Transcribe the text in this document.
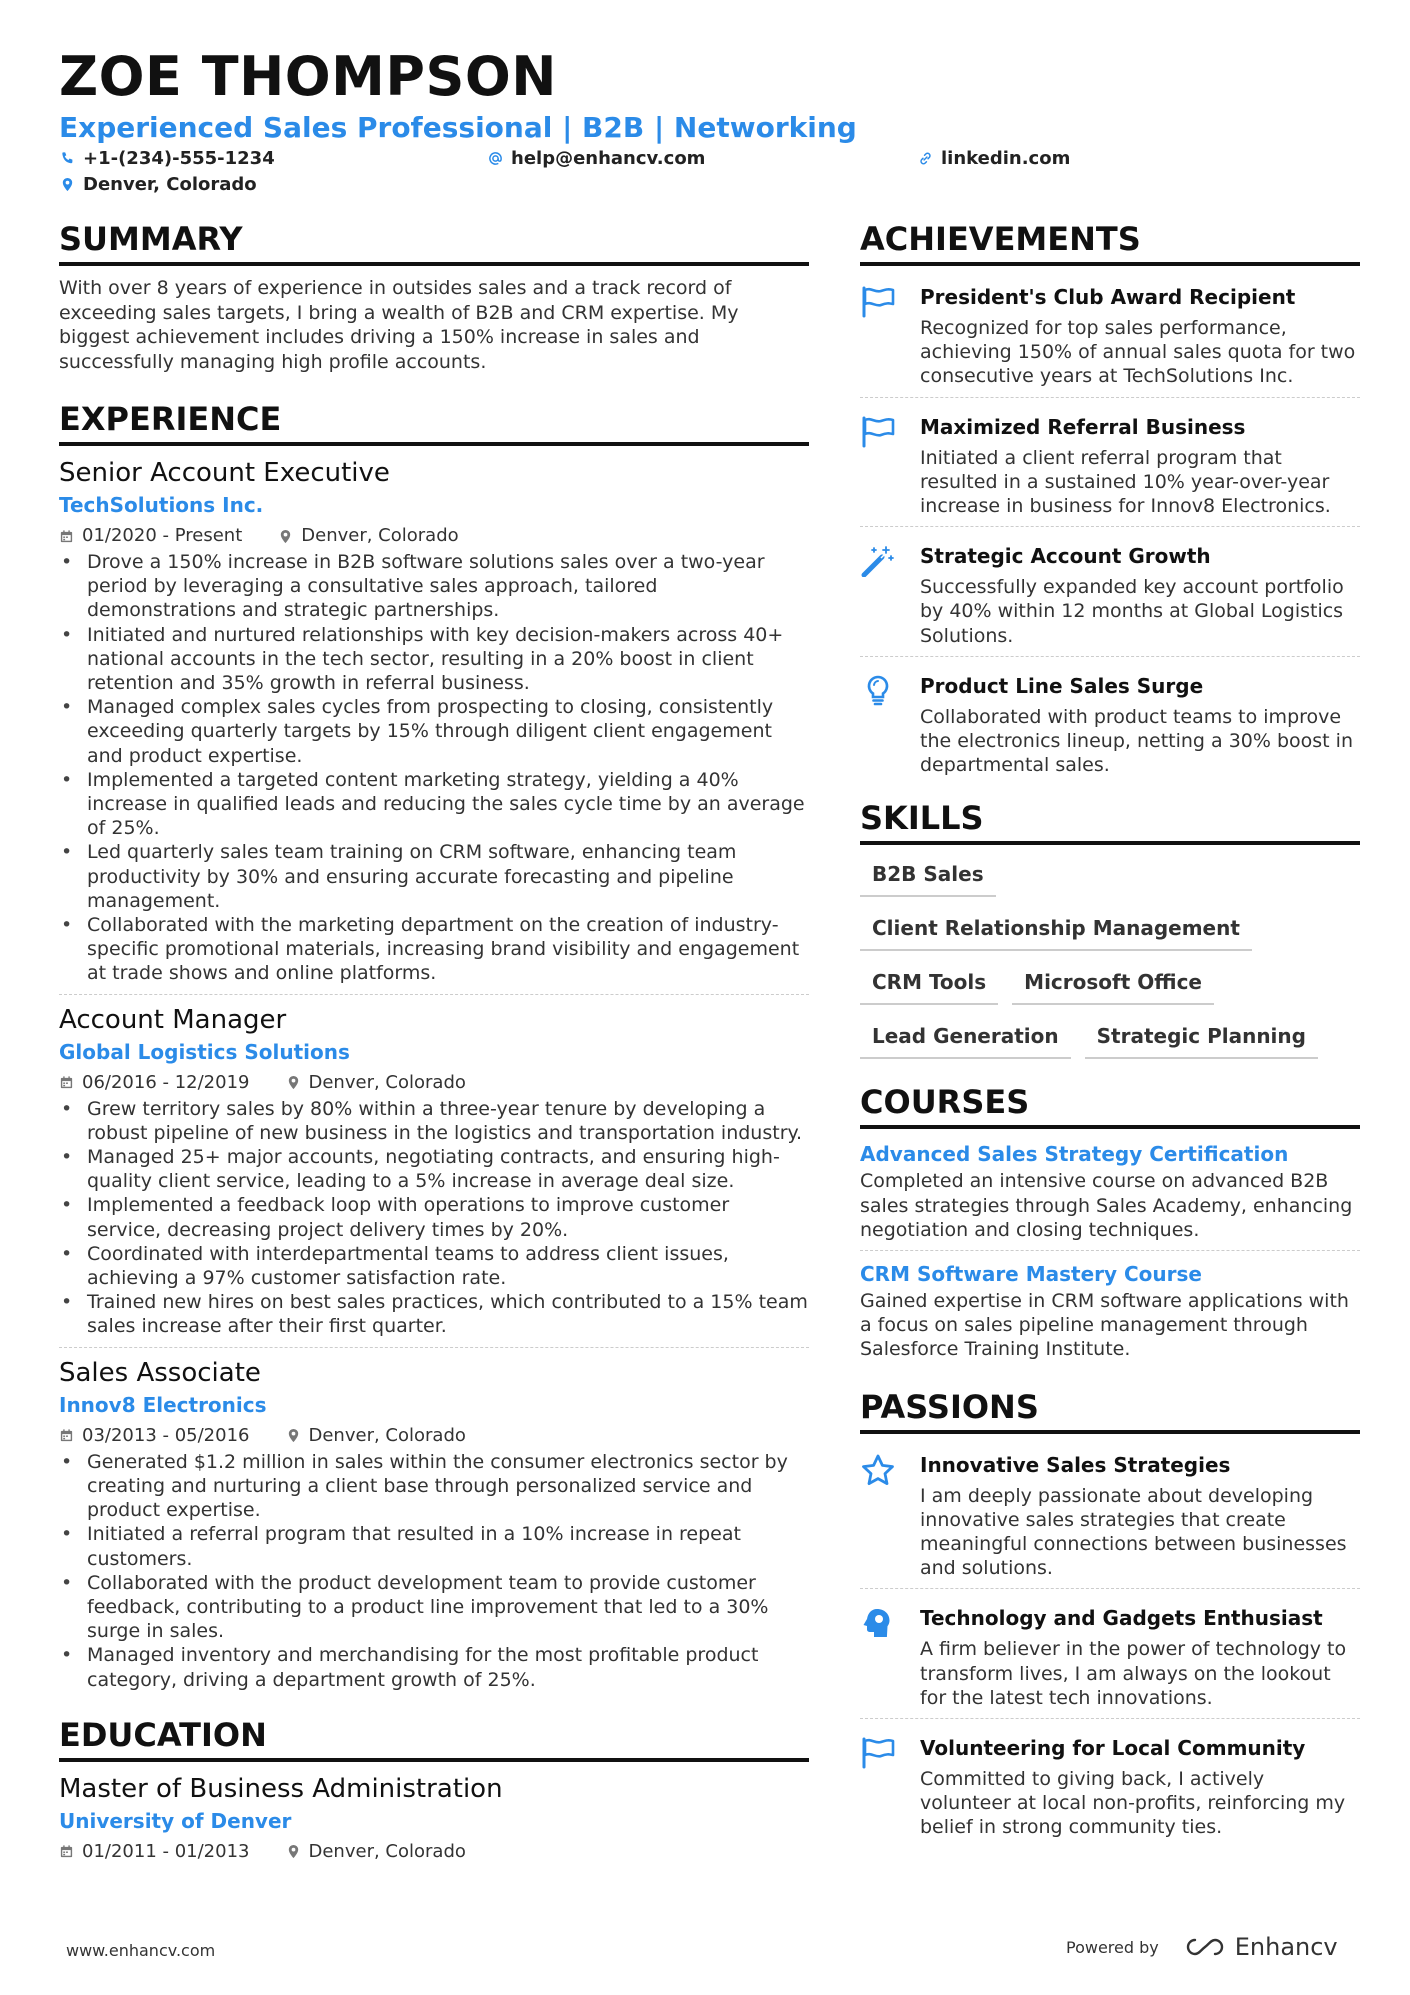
ZOE THOMPSON
Experienced Sales Professional | B2B | Networking
+1-(234)-555-1234	help@enhancv.com	linkedin.com
Denver, Colorado
SUMMARY
With over 8 years of experience in outsides sales and a track record of exceeding sales targets, I bring a wealth of B2B and CRM expertise. My biggest achievement includes driving a 150% increase in sales and successfully managing high profile accounts.
EXPERIENCE
Senior Account Executive
TechSolutions Inc.
01/2020 - Present	Denver, Colorado
• Drove a 150% increase in B2B software solutions sales over a two-year period by leveraging a consultative sales approach, tailored demonstrations and strategic partnerships.
• Initiated and nurtured relationships with key decision-makers across 40+ national accounts in the tech sector, resulting in a 20% boost in client retention and 35% growth in referral business.
• Managed complex sales cycles from prospecting to closing, consistently exceeding quarterly targets by 15% through diligent client engagement and product expertise.
• Implemented a targeted content marketing strategy, yielding a 40% increase in qualified leads and reducing the sales cycle time by an average of 25%.
• Led quarterly sales team training on CRM software, enhancing team productivity by 30% and ensuring accurate forecasting and pipeline management.
• Collaborated with the marketing department on the creation of industry-specific promotional materials, increasing brand visibility and engagement at trade shows and online platforms.
Account Manager
Global Logistics Solutions
06/2016 - 12/2019	Denver, Colorado
• Grew territory sales by 80% within a three-year tenure by developing a robust pipeline of new business in the logistics and transportation industry.
• Managed 25+ major accounts, negotiating contracts, and ensuring high-quality client service, leading to a 5% increase in average deal size.
• Implemented a feedback loop with operations to improve customer service, decreasing project delivery times by 20%.
• Coordinated with interdepartmental teams to address client issues, achieving a 97% customer satisfaction rate.
• Trained new hires on best sales practices, which contributed to a 15% team sales increase after their first quarter.
Sales Associate
Innov8 Electronics
03/2013 - 05/2016	Denver, Colorado
• Generated $1.2 million in sales within the consumer electronics sector by creating and nurturing a client base through personalized service and product expertise.
• Initiated a referral program that resulted in a 10% increase in repeat customers.
• Collaborated with the product development team to provide customer feedback, contributing to a product line improvement that led to a 30% surge in sales.
• Managed inventory and merchandising for the most profitable product category, driving a department growth of 25%.
EDUCATION
Master of Business Administration
University of Denver
01/2011 - 01/2013	Denver, Colorado
ACHIEVEMENTS
President's Club Award Recipient
Recognized for top sales performance, achieving 150% of annual sales quota for two consecutive years at TechSolutions Inc.
Maximized Referral Business
Initiated a client referral program that resulted in a sustained 10% year-over-year increase in business for Innov8 Electronics.
Strategic Account Growth
Successfully expanded key account portfolio by 40% within 12 months at Global Logistics Solutions.
Product Line Sales Surge
Collaborated with product teams to improve the electronics lineup, netting a 30% boost in departmental sales.
SKILLS
B2B Sales
Client Relationship Management
CRM Tools	Microsoft Office
Lead Generation	Strategic Planning
COURSES
Advanced Sales Strategy Certification
Completed an intensive course on advanced B2B sales strategies through Sales Academy, enhancing negotiation and closing techniques.
CRM Software Mastery Course
Gained expertise in CRM software applications with a focus on sales pipeline management through Salesforce Training Institute.
PASSIONS
Innovative Sales Strategies
I am deeply passionate about developing innovative sales strategies that create meaningful connections between businesses and solutions.
Technology and Gadgets Enthusiast
A firm believer in the power of technology to transform lives, I am always on the lookout for the latest tech innovations.
Volunteering for Local Community
Committed to giving back, I actively volunteer at local non-profits, reinforcing my belief in strong community ties.
www.enhancv.com	Powered by	Enhancv
